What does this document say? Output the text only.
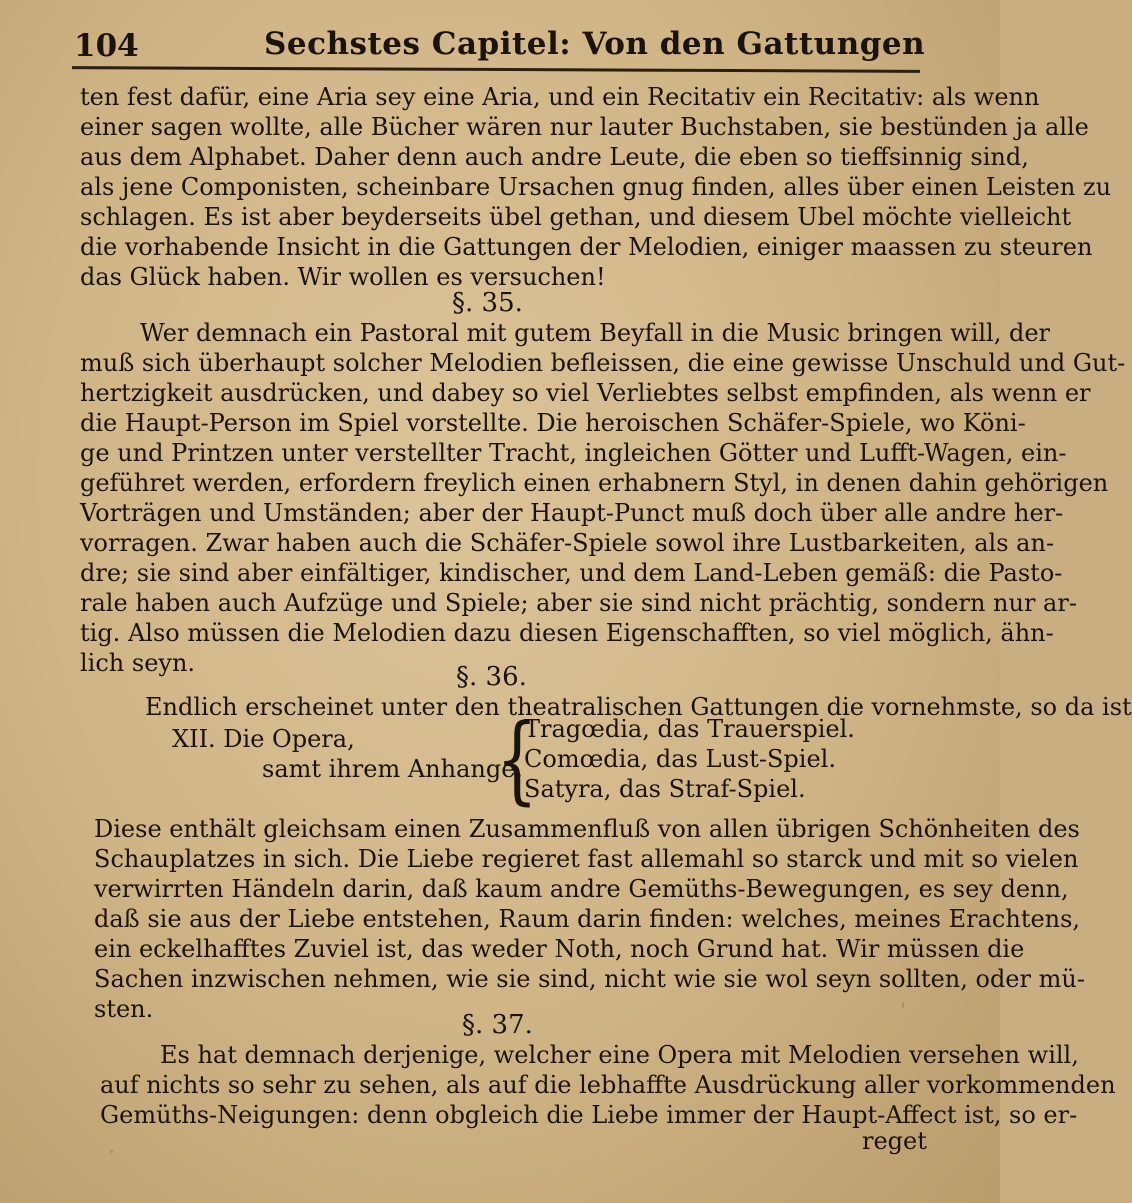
104	Sechstes Capitel: Von den Gattungen
ten fest dafür, eine Aria sey eine Aria, und ein Recitativ ein Recitativ: als wenn
einer sagen wollte, alle Bücher wären nur lauter Buchstaben, sie bestünden ja alle
aus dem Alphabet. Daher denn auch andre Leute, die eben so tieffsinnig sind,
als jene Componisten, scheinbare Ursachen gnug finden, alles über einen Leisten zu
schlagen. Es ist aber beyderseits übel gethan, und diesem Ubel möchte vielleicht
die vorhabende Insicht in die Gattungen der Melodien, einiger maassen zu steuren
das Glück haben. Wir wollen es versuchen!
§. 35.
Wer demnach ein Pastoral mit gutem Beyfall in die Music bringen will, der
muß sich überhaupt solcher Melodien befleissen, die eine gewisse Unschuld und Gut-
hertzigkeit ausdrücken, und dabey so viel Verliebtes selbst empfinden, als wenn er
die Haupt-Person im Spiel vorstellte. Die heroischen Schäfer-Spiele, wo Köni-
ge und Printzen unter verstellter Tracht, ingleichen Götter und Lufft-Wagen, ein-
geführet werden, erfordern freylich einen erhabnern Styl, in denen dahin gehörigen
Vorträgen und Umständen; aber der Haupt-Punct muß doch über alle andre her-
vorragen. Zwar haben auch die Schäfer-Spiele sowol ihre Lustbarkeiten, als an-
dre; sie sind aber einfältiger, kindischer, und dem Land-Leben gemäß: die Pasto-
rale haben auch Aufzüge und Spiele; aber sie sind nicht prächtig, sondern nur ar-
tig. Also müssen die Melodien dazu diesen Eigenschafften, so viel möglich, ähn-
lich seyn.	§. 36.
Endlich erscheinet unter den theatralischen Gattungen die vornehmste, so da ist
XII. Die Opera,
samt ihrem Anhange,
{
Tragœdia, das Trauerspiel.
Comœdia, das Lust-Spiel.
Satyra, das Straf-Spiel.
Diese enthält gleichsam einen Zusammenfluß von allen übrigen Schönheiten des
Schauplatzes in sich. Die Liebe regieret fast allemahl so starck und mit so vielen
verwirrten Händeln darin, daß kaum andre Gemüths-Bewegungen, es sey denn,
daß sie aus der Liebe entstehen, Raum darin finden: welches, meines Erachtens,
ein eckelhafftes Zuviel ist, das weder Noth, noch Grund hat. Wir müssen die
Sachen inzwischen nehmen, wie sie sind, nicht wie sie wol seyn sollten, oder mü-
sten.
§. 37.
Es hat demnach derjenige, welcher eine Opera mit Melodien versehen will,
auf nichts so sehr zu sehen, als auf die lebhaffte Ausdrückung aller vorkommenden
Gemüths-Neigungen: denn obgleich die Liebe immer der Haupt-Affect ist, so er-
reget
